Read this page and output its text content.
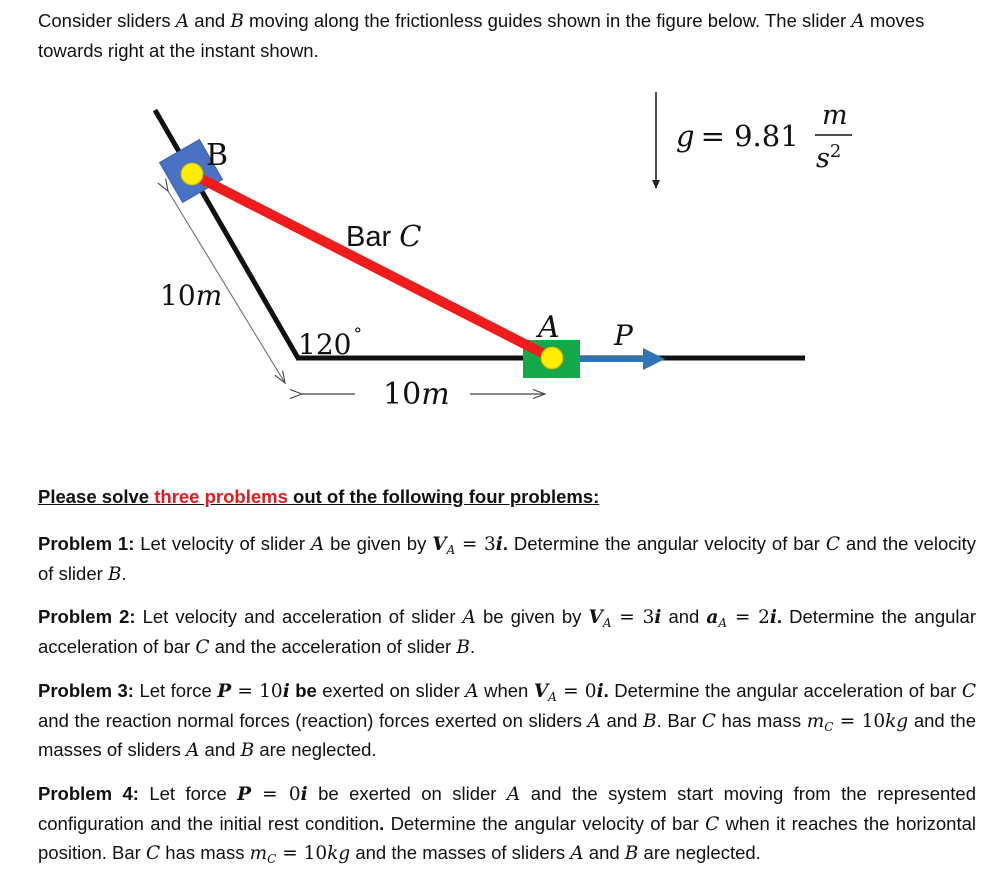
Consider sliders A and B moving along the frictionless guides shown in the figure below. The slider A moves towards right at the instant shown.
B
Bar C
10m
120 °	A P
10m
g = 9.81
m
$s^2$
Please solve three problems out of the following four problems:
Problem 1: Let velocity of slider A be given by $V_A = 3i$. Determine the angular velocity of bar C and the velocity of slider B.
Problem 2: Let velocity and acceleration of slider A be given by $V_A = 3i$ and $a_A = 2i$. Determine the angular acceleration of bar C and the acceleration of slider B.
Problem 3: Let force P = 10i be exerted on slider A when $V_A = 0i$. Determine the angular acceleration of bar C and the reaction normal forces (reaction) forces exerted on sliders A and B. Bar C has mass $m_C = 10kg$ and the masses of sliders A and B are neglected.
Problem 4: Let force P = 0i be exerted on slider A and the system start moving from the represented configuration and the initial rest condition. Determine the angular velocity of bar C when it reaches the horizontal position. Bar C has mass $m_C = 10kg$ and the masses of sliders A and B are neglected.
